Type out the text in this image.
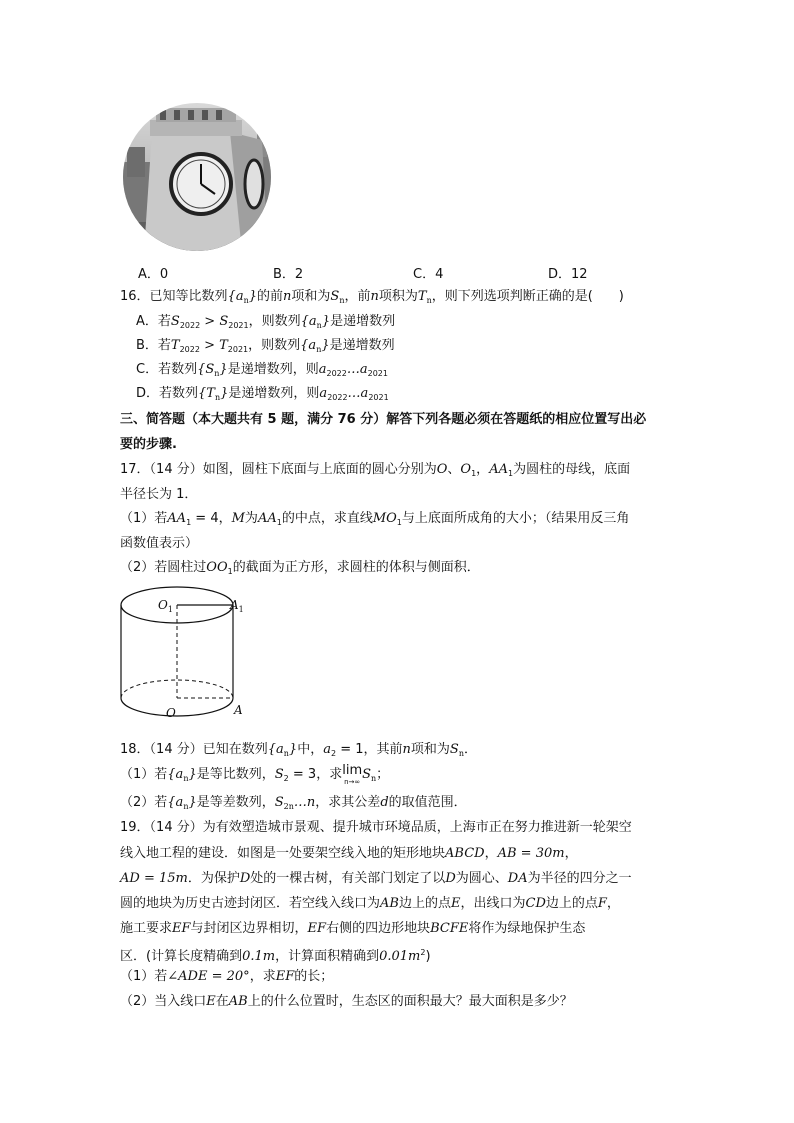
A．0	B．2	C．4	D．12
16．已知等比数列$\{a_n\}$的前n项和为$S_n$，前n项积为$T_n$，则下列选项判断正确的是(　　)
A．若$S_{2022} > S_{2021}$，则数列$\{a_n\}$是递增数列
B．若$T_{2022} > T_{2021}$，则数列$\{a_n\}$是递增数列
C．若数列$\{S_n\}$是递增数列，则$a_{2022}\dots a_{2021}$
D．若数列$\{T_n\}$是递增数列，则$a_{2022}\dots a_{2021}$
三、简答题（本大题共有 5 题，满分 76 分）解答下列各题必须在答题纸的相应位置写出必
要的步骤.
17．（14 分）如图，圆柱下底面与上底面的圆心分别为O、$O_1$，$AA_1$为圆柱的母线，底面
半径长为 1．
（1）若$AA_1 = 4$，M为$AA_1$的中点，求直线$MO_1$与上底面所成角的大小；（结果用反三角
函数值表示）
（2）若圆柱过$OO_1$的截面为正方形，求圆柱的体积与侧面积．
$O_1$	$A_1$
O	A
18．（14 分）已知在数列$\{a_n\}$中，$a_2 = 1$，其前n项和为$S_n$．
（1）若$\{a_n\}$是等比数列，$S_2 = 3$，求lim
n→∞ $S_n$；
（2）若$\{a_n\}$是等差数列，$S_{2n}\dots n$，求其公差d的取值范围．
19．（14 分）为有效塑造城市景观、提升城市环境品质，上海市正在努力推进新一轮架空
线入地工程的建设．如图是一处要架空线入地的矩形地块ABCD，AB = 30m，
AD = 15m．为保护D处的一棵古树，有关部门划定了以D为圆心、DA为半径的四分之一
圆的地块为历史古迹封闭区．若空线入线口为AB边上的点E，出线口为CD边上的点F，
施工要求EF与封闭区边界相切，EF右侧的四边形地块BCFE将作为绿地保护生态
区．(计算长度精确到0.1m，计算面积精确到$0.01m^2$)
（1）若∠ADE = 20°，求EF的长；
（2）当入线口E在AB上的什么位置时，生态区的面积最大？最大面积是多少？
